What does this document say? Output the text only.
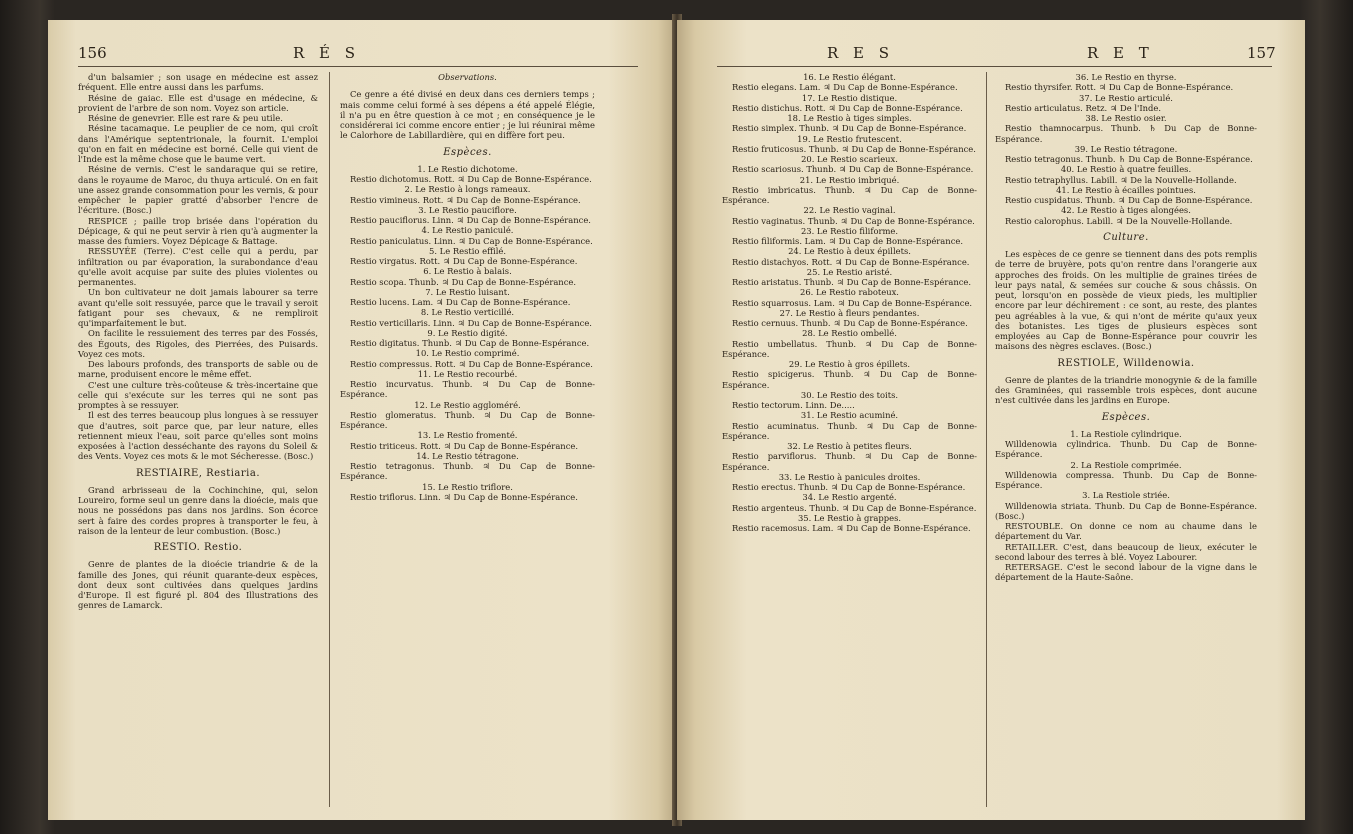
156	R É S

d'un balsamier ; son usage en médecine est assez fréquent. Elle entre aussi dans les parfums.

Résine de gaiac. Elle est d'usage en médecine, & provient de l'arbre de son nom. Voyez son article.

Résine de genevrier. Elle est rare & peu utile.

Résine tacamaque. Le peuplier de ce nom, qui croît dans l'Amérique septentrionale, la fournit. L'emploi qu'on en fait en médecine est borné. Celle qui vient de l'Inde est la même chose que le baume vert.

Résine de vernis. C'est le sandaraque qui se retire, dans le royaume de Maroc, du thuya articulé. On en fait une assez grande consommation pour les vernis, & pour empêcher le papier gratté d'absorber l'encre de l'écriture. (Bosc.)

RESPICE ; paille trop brisée dans l'opération du Dépicage, & qui ne peut servir à rien qu'à augmenter la masse des fumiers. Voyez Dépicage & Battage.

RESSUYÉE (Terre). C'est celle qui a perdu, par infiltration ou par évaporation, la surabondance d'eau qu'elle avoit acquise par suite des pluies violentes ou permanentes.

Un bon cultivateur ne doit jamais labourer sa terre avant qu'elle soit ressuyée, parce que le travail y seroit fatigant pour ses chevaux, & ne rempliroit qu'imparfaitement le but.

On facilite le ressuiement des terres par des Fossés, des Égouts, des Rigoles, des Pierrées, des Puisards. Voyez ces mots.

Des labours profonds, des transports de sable ou de marne, produisent encore le même effet.

C'est une culture très-coûteuse & très-incertaine que celle qui s'exécute sur les terres qui ne sont pas promptes à se ressuyer.

Il est des terres beaucoup plus longues à se ressuyer que d'autres, soit parce que, par leur nature, elles retiennent mieux l'eau, soit parce qu'elles sont moins exposées à l'action desséchante des rayons du Soleil & des Vents. Voyez ces mots & le mot Sécheresse. (Bosc.)

RESTIAIRE, Restiaria.

Grand arbrisseau de la Cochinchine, qui, selon Loureiro, forme seul un genre dans la dioécie, mais que nous ne possédons pas dans nos jardins. Son écorce sert à faire des cordes propres à transporter le feu, à raison de la lenteur de leur combustion. (Bosc.)

RESTIO. Restio.

Genre de plantes de la dioécie triandrie & de la famille des Jones, qui réunit quarante-deux espèces, dont deux sont cultivées dans quelques jardins d'Europe. Il est figuré pl. 804 des Illustrations des genres de Lamarck.

Observations.

Ce genre a été divisé en deux dans ces derniers temps ; mais comme celui formé à ses dépens a été appelé Élégie, il n'a pu en être question à ce mot ; en conséquence je le considérerai ici comme encore entier ; je lui réunirai même le Calorhore de Labillardière, qui en diffère fort peu.

Espèces.

1. Le Restio dichotome.

Restio dichotomus. Rott. ♃ Du Cap de Bonne-Espérance.

2. Le Restio à longs rameaux.

Restio vimineus. Rott. ♃ Du Cap de Bonne-Espérance.

3. Le Restio pauciflore.

Restio pauciflorus. Linn. ♃ Du Cap de Bonne-Espérance.

4. Le Restio paniculé.

Restio paniculatus. Linn. ♃ Du Cap de Bonne-Espérance.

5. Le Restio effilé.

Restio virgatus. Rott. ♃ Du Cap de Bonne-Espérance.

6. Le Restio à balais.

Restio scopa. Thunb. ♃ Du Cap de Bonne-Espérance.

7. Le Restio luisant.

Restio lucens. Lam. ♃ Du Cap de Bonne-Espérance.

8. Le Restio verticillé.

Restio verticillaris. Linn. ♃ Du Cap de Bonne-Espérance.

9. Le Restio digité.

Restio digitatus. Thunb. ♃ Du Cap de Bonne-Espérance.

10. Le Restio comprimé.

Restio compressus. Rott. ♃ Du Cap de Bonne-Espérance.

11. Le Restio recourbé.

Restio incurvatus. Thunb. ♃ Du Cap de Bonne-Espérance.

12. Le Restio aggloméré.

Restio glomeratus. Thunb. ♃ Du Cap de Bonne-Espérance.

13. Le Restio fromenté.

Restio triticeus. Rott. ♃ Du Cap de Bonne-Espérance.

14. Le Restio tétragone.

Restio tetragonus. Thunb. ♃ Du Cap de Bonne-Espérance.

15. Le Restio triflore.

Restio triflorus. Linn. ♃ Du Cap de Bonne-Espérance.

R E S	R E T	157

16. Le Restio élégant.

Restio elegans. Lam. ♃ Du Cap de Bonne-Espérance.

17. Le Restio distique.

Restio distichus. Rott. ♃ Du Cap de Bonne-Espérance.

18. Le Restio à tiges simples.

Restio simplex. Thunb. ♃ Du Cap de Bonne-Espérance.

19. Le Restio frutescent.

Restio fruticosus. Thunb. ♃ Du Cap de Bonne-Espérance.

20. Le Restio scarieux.

Restio scariosus. Thunb. ♃ Du Cap de Bonne-Espérance.

21. Le Restio imbriqué.

Restio imbricatus. Thunb. ♃ Du Cap de Bonne-Espérance.

22. Le Restio vaginal.

Restio vaginatus. Thunb. ♃ Du Cap de Bonne-Espérance.

23. Le Restio filiforme.

Restio filiformis. Lam. ♃ Du Cap de Bonne-Espérance.

24. Le Restio à deux épillets.

Restio distachyos. Rott. ♃ Du Cap de Bonne-Espérance.

25. Le Restio aristé.

Restio aristatus. Thunb. ♃ Du Cap de Bonne-Espérance.

26. Le Restio raboteux.

Restio squarrosus. Lam. ♃ Du Cap de Bonne-Espérance.

27. Le Restio à fleurs pendantes.

Restio cernuus. Thunb. ♃ Du Cap de Bonne-Espérance.

28. Le Restio ombellé.

Restio umbellatus. Thunb. ♃ Du Cap de Bonne-Espérance.

29. Le Restio à gros épillets.

Restio spicigerus. Thunb. ♃ Du Cap de Bonne-Espérance.

30. Le Restio des toits.

Restio tectorum. Linn. De.....

31. Le Restio acuminé.

Restio acuminatus. Thunb. ♃ Du Cap de Bonne-Espérance.

32. Le Restio à petites fleurs.

Restio parviflorus. Thunb. ♃ Du Cap de Bonne-Espérance.

33. Le Restio à panicules droites.

Restio erectus. Thunb. ♃ Du Cap de Bonne-Espérance.

34. Le Restio argenté.

Restio argenteus. Thunb. ♃ Du Cap de Bonne-Espérance.

35. Le Restio à grappes.

Restio racemosus. Lam. ♃ Du Cap de Bonne-Espérance.

36. Le Restio en thyrse.

Restio thyrsifer. Rott. ♃ Du Cap de Bonne-Espérance.

37. Le Restio articulé.

Restio articulatus. Retz. ♃ De l'Inde.

38. Le Restio osier.

Restio thamnocarpus. Thunb. ♄ Du Cap de Bonne-Espérance.

39. Le Restio tétragone.

Restio tetragonus. Thunb. ♄ Du Cap de Bonne-Espérance.

40. Le Restio à quatre feuilles.

Restio tetraphyllus. Labill. ♃ De la Nouvelle-Hollande.

41. Le Restio à écailles pointues.

Restio cuspidatus. Thunb. ♃ Du Cap de Bonne-Espérance.

42. Le Restio à tiges alongées.

Restio calorophus. Labill. ♃ De la Nouvelle-Hollande.

Culture.

Les espèces de ce genre se tiennent dans des pots remplis de terre de bruyère, pots qu'on rentre dans l'orangerie aux approches des froids. On les multiplie de graines tirées de leur pays natal, & semées sur couche & sous châssis. On peut, lorsqu'on en possède de vieux pieds, les multiplier encore par leur déchirement : ce sont, au reste, des plantes peu agréables à la vue, & qui n'ont de mérite qu'aux yeux des botanistes. Les tiges de plusieurs espèces sont employées au Cap de Bonne-Espérance pour couvrir les maisons des nègres esclaves. (Bosc.)

RESTIOLE, Willdenowia.

Genre de plantes de la triandrie monogynie & de la famille des Graminées, qui rassemble trois espèces, dont aucune n'est cultivée dans les jardins en Europe.

Espèces.

1. La Restiole cylindrique.

Willdenowia cylindrica. Thunb. Du Cap de Bonne-Espérance.

2. La Restiole comprimée.

Willdenowia compressa. Thunb. Du Cap de Bonne-Espérance.

3. La Restiole striée.

Willdenowia striata. Thunb. Du Cap de Bonne-Espérance. (Bosc.)

RESTOUBLE. On donne ce nom au chaume dans le département du Var.

RETAILLER. C'est, dans beaucoup de lieux, exécuter le second labour des terres à blé. Voyez Labourer.

RETERSAGE. C'est le second labour de la vigne dans le département de la Haute-Saône.
